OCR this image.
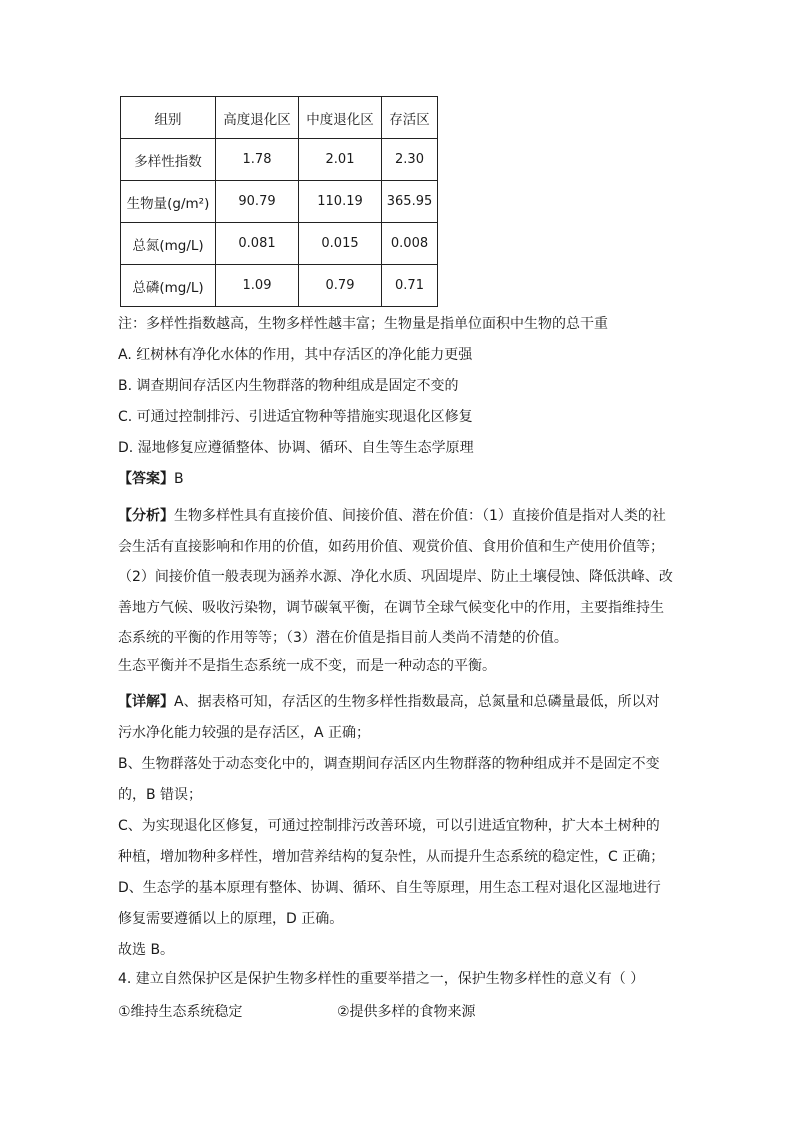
组别	高度退化区	中度退化区	存活区
多样性指数	1.78	2.01	2.30
生物量(g/m²)	90.79	110.19	365.95
总氮(mg/L)	0.081	0.015	0.008
总磷(mg/L)	1.09	0.79	0.71
注：多样性指数越高，生物多样性越丰富；生物量是指单位面积中生物的总干重
A. 红树林有净化水体的作用，其中存活区的净化能力更强
B. 调查期间存活区内生物群落的物种组成是固定不变的
C. 可通过控制排污、引进适宜物种等措施实现退化区修复
D. 湿地修复应遵循整体、协调、循环、自生等生态学原理
【答案】B
【分析】生物多样性具有直接价值、间接价值、潜在价值：（1）直接价值是指对人类的社
会生活有直接影响和作用的价值，如药用价值、观赏价值、食用价值和生产使用价值等；
（2）间接价值一般表现为涵养水源、净化水质、巩固堤岸、防止土壤侵蚀、降低洪峰、改
善地方气候、吸收污染物，调节碳氧平衡，在调节全球气候变化中的作用，主要指维持生
态系统的平衡的作用等等；（3）潜在价值是指目前人类尚不清楚的价值。
生态平衡并不是指生态系统一成不变，而是一种动态的平衡。
【详解】A、据表格可知，存活区的生物多样性指数最高，总氮量和总磷量最低，所以对
污水净化能力较强的是存活区，A 正确；
B、生物群落处于动态变化中的，调查期间存活区内生物群落的物种组成并不是固定不变
的，B 错误；
C、为实现退化区修复，可通过控制排污改善环境，可以引进适宜物种，扩大本土树种的
种植，增加物种多样性，增加营养结构的复杂性，从而提升生态系统的稳定性，C 正确；
D、生态学的基本原理有整体、协调、循环、自生等原理，用生态工程对退化区湿地进行
修复需要遵循以上的原理，D 正确。
故选 B。
4. 建立自然保护区是保护生物多样性的重要举措之一，保护生物多样性的意义有（ ）
①维持生态系统稳定	②提供多样的食物来源
